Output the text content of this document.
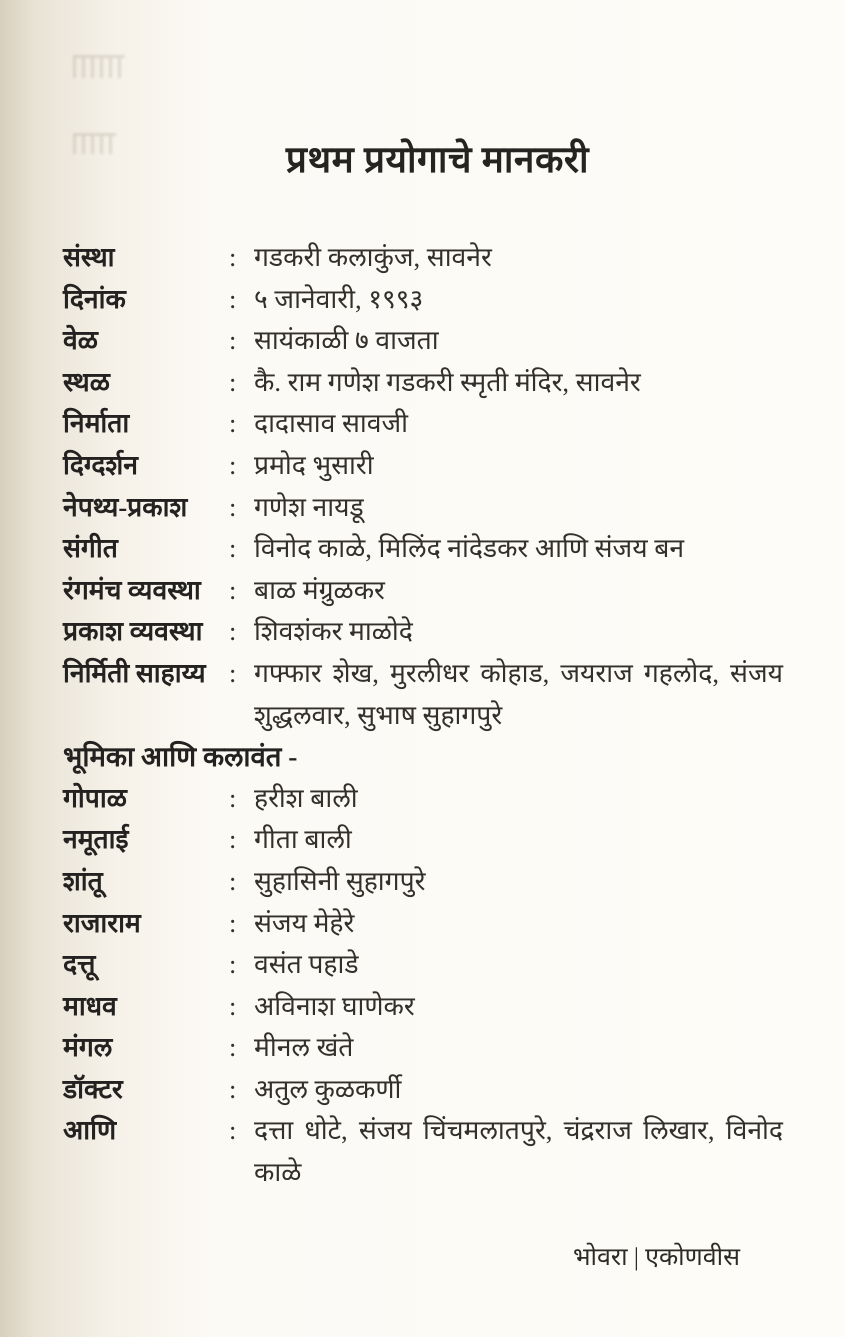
प्रथम प्रयोगाचे मानकरी
संस्था	: गडकरी कलाकुंज, सावनेर
दिनांक	: ५ जानेवारी, १९९३
वेळ	: सायंकाळी ७ वाजता
स्थळ	: कै. राम गणेश गडकरी स्मृती मंदिर, सावनेर
निर्माता	: दादासाव सावजी
दिग्दर्शन	: प्रमोद भुसारी
नेपथ्य-प्रकाश	: गणेश नायडू
संगीत	: विनोद काळे, मिलिंद नांदेडकर आणि संजय बन
रंगमंच व्यवस्था	: बाळ मंग्रुळकर
प्रकाश व्यवस्था	: शिवशंकर माळोदे
निर्मिती साहाय्य : गफ्फार शेख, मुरलीधर कोहाड, जयराज गहलोद, संजय शुद्धलवार, सुभाष सुहागपुरे
भूमिका आणि कलावंत -
गोपाळ	: हरीश बाली
नमूताई	: गीता बाली
शांतू	: सुहासिनी सुहागपुरे
राजाराम	: संजय मेहेरे
दत्तू	: वसंत पहाडे
माधव	: अविनाश घाणेकर
मंगल	: मीनल खंते
डॉक्टर	: अतुल कुळकर्णी
आणि	: दत्ता धोटे, संजय चिंचमलातपुरे, चंद्रराज लिखार, विनोद काळे
भोवरा | एकोणवीस
